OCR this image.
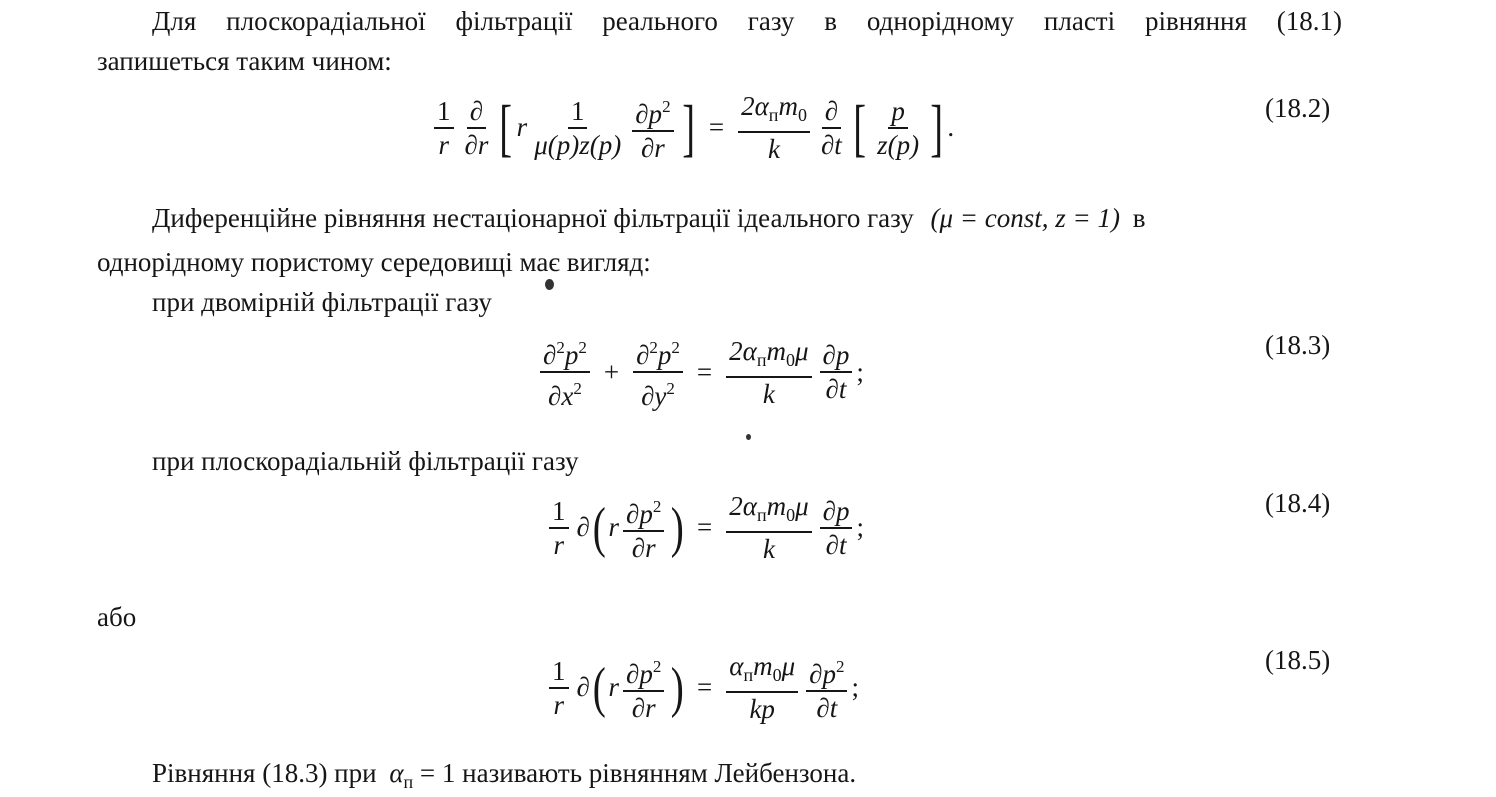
Для плоскорадіальної фільтрації реального газу в однорідному пласті рівняння (18.1)
запишеться таким чином:
$\frac{1}{r} \frac{\partial}{\partial r}$ [ r $\frac{1}{\mu(p)z(p)} \frac{\partial p^2}{\partial r}$ ] = $\frac{2\alpha_пm_0}{k} \frac{\partial}{\partial t}$ [ $\frac{p}{z(p)}$ ] .
(18.2)
Диференційне рівняння нестаціонарної фільтрації ідеального газу (μ = const, z = 1) в
однорідному пористому середовищі має вигляд:
при двомірній фільтрації газу
$\frac{\partial^2p^2}{\partial x^2} + \frac{\partial^2p^2}{\partial y^2} = \frac{2\alpha_пm_0\mu}{k} \frac{\partial p}{\partial t}$ ;
(18.3)
при плоскорадіальній фільтрації газу
$\frac{1}{r}$ ∂ ( r $\frac{\partial p^2}{\partial r}$ ) = $\frac{2\alpha_пm_0\mu}{k} \frac{\partial p}{\partial t}$ ;
(18.4)
або
$\frac{1}{r}$ ∂ ( r $\frac{\partial p^2}{\partial r}$ ) = $\frac{\alpha_пm_0\mu}{kp} \frac{\partial p^2}{\partial t}$ ;
(18.5)
Рівняння (18.3) при $\alpha_п = 1$ називають рівнянням Лейбензона.
